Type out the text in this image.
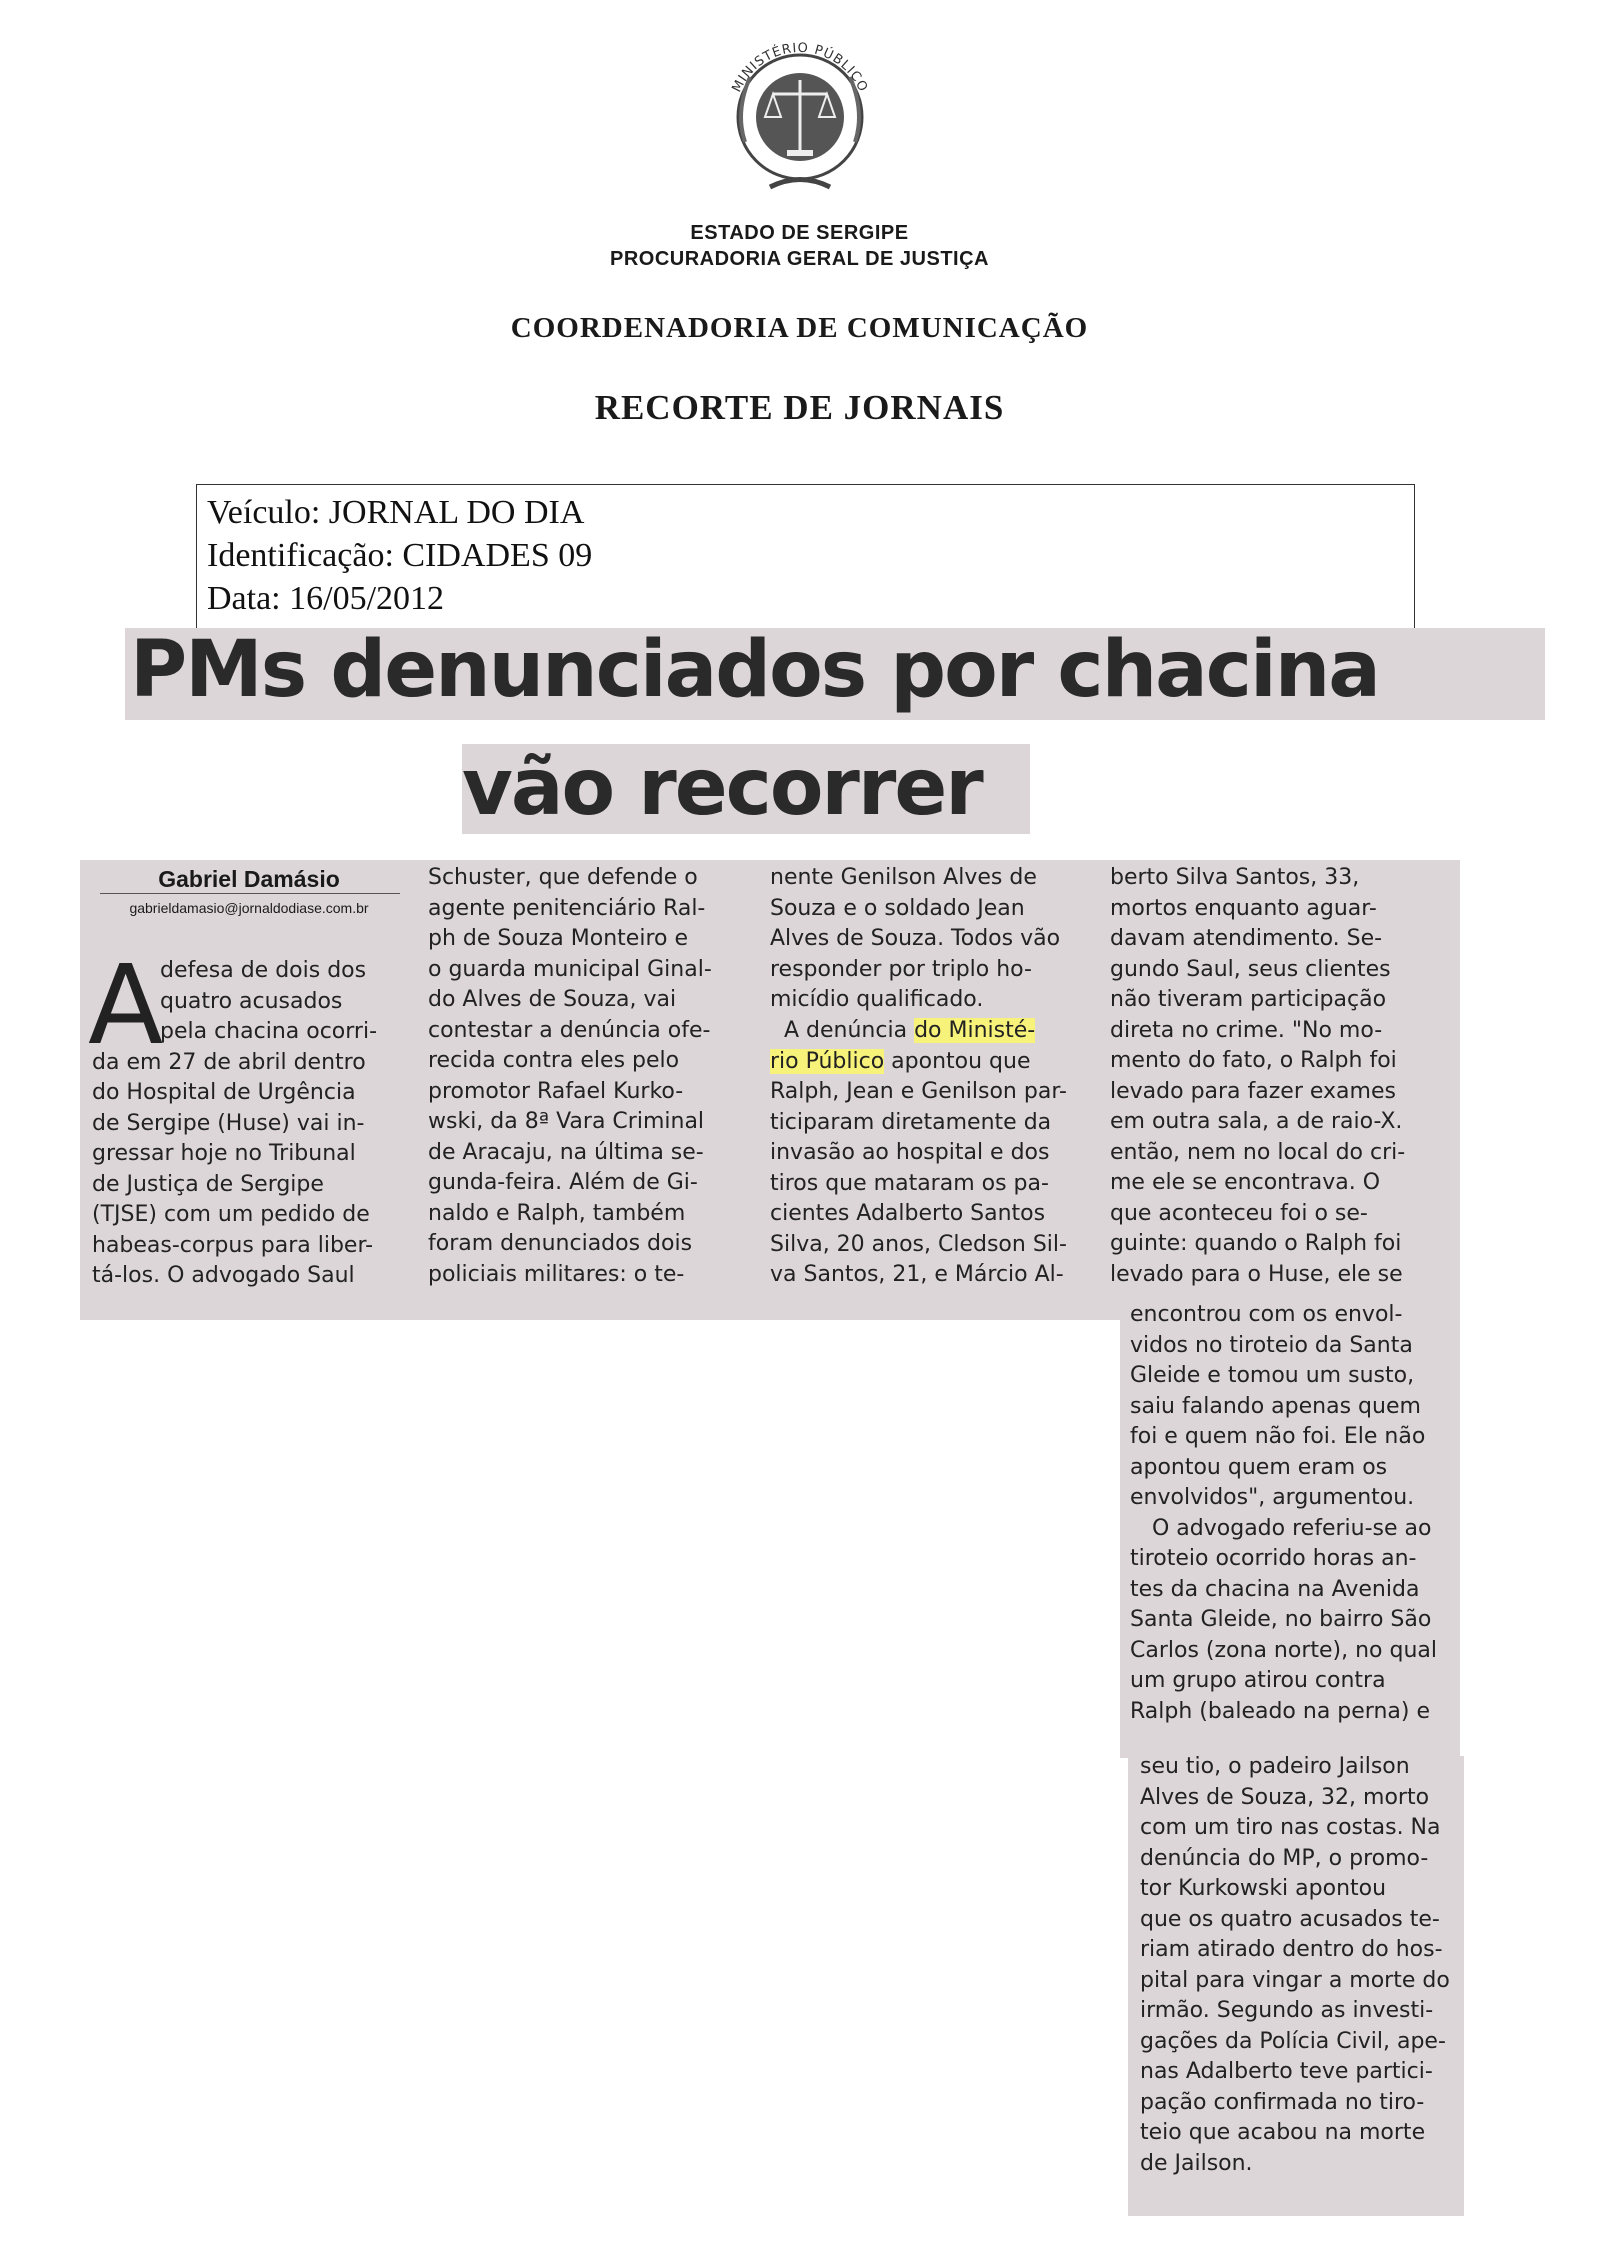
MINISTÉRIO PÚBLICO
ESTADO DE SERGIPE
PROCURADORIA GERAL DE JUSTIÇA
COORDENADORIA DE COMUNICAÇÃO
RECORTE DE JORNAIS
Veículo: JORNAL DO DIA
Identificação: CIDADES 09
Data: 16/05/2012
PMs denunciados por chacina
vão recorrer
Gabriel Damásio
gabrieldamasio@jornaldodiase.com.br
A
defesa de dois dos
quatro acusados
pela chacina ocorri-
da em 27 de abril dentro
do Hospital de Urgência
de Sergipe (Huse) vai in-
gressar hoje no Tribunal
de Justiça de Sergipe
(TJSE) com um pedido de
habeas-corpus para liber-
tá-los. O advogado Saul
Schuster, que defende o
agente penitenciário Ral-
ph de Souza Monteiro e
o guarda municipal Ginal-
do Alves de Souza, vai
contestar a denúncia ofe-
recida contra eles pelo
promotor Rafael Kurko-
wski, da 8ª Vara Criminal
de Aracaju, na última se-
gunda-feira. Além de Gi-
naldo e Ralph, também
foram denunciados dois
policiais militares: o te-
nente Genilson Alves de
Souza e o soldado Jean
Alves de Souza. Todos vão
responder por triplo ho-
micídio qualificado.
A denúncia do Ministé-
rio Público apontou que
Ralph, Jean e Genilson par-
ticiparam diretamente da
invasão ao hospital e dos
tiros que mataram os pa-
cientes Adalberto Santos
Silva, 20 anos, Cledson Sil-
va Santos, 21, e Márcio Al-
berto Silva Santos, 33,
mortos enquanto aguar-
davam atendimento. Se-
gundo Saul, seus clientes
não tiveram participação
direta no crime. "No mo-
mento do fato, o Ralph foi
levado para fazer exames
em outra sala, a de raio-X.
então, nem no local do cri-
me ele se encontrava. O
que aconteceu foi o se-
guinte: quando o Ralph foi
levado para o Huse, ele se
encontrou com os envol-
vidos no tiroteio da Santa
Gleide e tomou um susto,
saiu falando apenas quem
foi e quem não foi. Ele não
apontou quem eram os
envolvidos", argumentou.
O advogado referiu-se ao
tiroteio ocorrido horas an-
tes da chacina na Avenida
Santa Gleide, no bairro São
Carlos (zona norte), no qual
um grupo atirou contra
Ralph (baleado na perna) e
seu tio, o padeiro Jailson
Alves de Souza, 32, morto
com um tiro nas costas. Na
denúncia do MP, o promo-
tor Kurkowski apontou
que os quatro acusados te-
riam atirado dentro do hos-
pital para vingar a morte do
irmão. Segundo as investi-
gações da Polícia Civil, ape-
nas Adalberto teve partici-
pação confirmada no tiro-
teio que acabou na morte
de Jailson.
